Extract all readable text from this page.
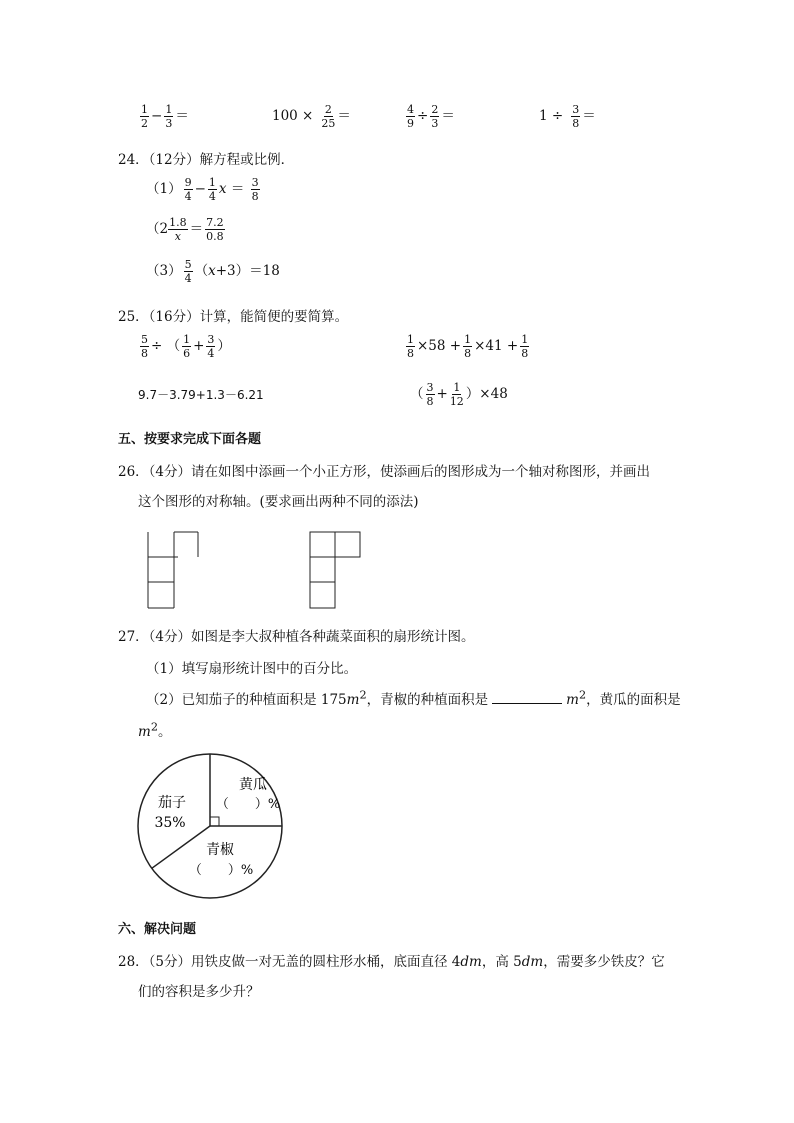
$\frac{1}{2} - \frac{1}{3}$ ＝	$100 \times \frac{2}{25}$ ＝	$\frac{4}{9} \div \frac{2}{3}$ ＝	$1 \div \frac{3}{8}$ ＝
24．（12分）解方程或比例．
$(1) \frac{9}{4} - \frac{1}{4}$ $x = \frac{3}{8}$
（$2 \frac{1.8}{x} = \frac{7.2}{0.8}$
$(3) \frac{5}{4} (x+3)=18$
25．（16分）计算，能简便的要简算。
$\frac{5}{8}$ ÷ （ $\frac{1}{6} + \frac{3}{4}$ ）	$\frac{1}{8} \times 58 + \frac{1}{8} \times 41 + \frac{1}{8}$
9.7－3.79+1.3－6.21	（ $\frac{3}{8} + \frac{1}{12} )\times 48$
五、按要求完成下面各题
26．（4分）请在如图中添画一个小正方形，使添画后的图形成为一个轴对称图形，并画出
这个图形的对称轴。(要求画出两种不同的添法)
27．（4分）如图是李大叔种植各种蔬菜面积的扇形统计图。
（1）填写扇形统计图中的百分比。
（2）已知茄子的种植面积是 $175m^2$，青椒的种植面积是	$m^2$，黄瓜的面积是
$m^2$。
黄瓜
（　　）%
茄子
35%
青椒
（　　）%
六、解决问题
28．（5分）用铁皮做一对无盖的圆柱形水桶，底面直径 4dm，高 5dm，需要多少铁皮？它
们的容积是多少升？
